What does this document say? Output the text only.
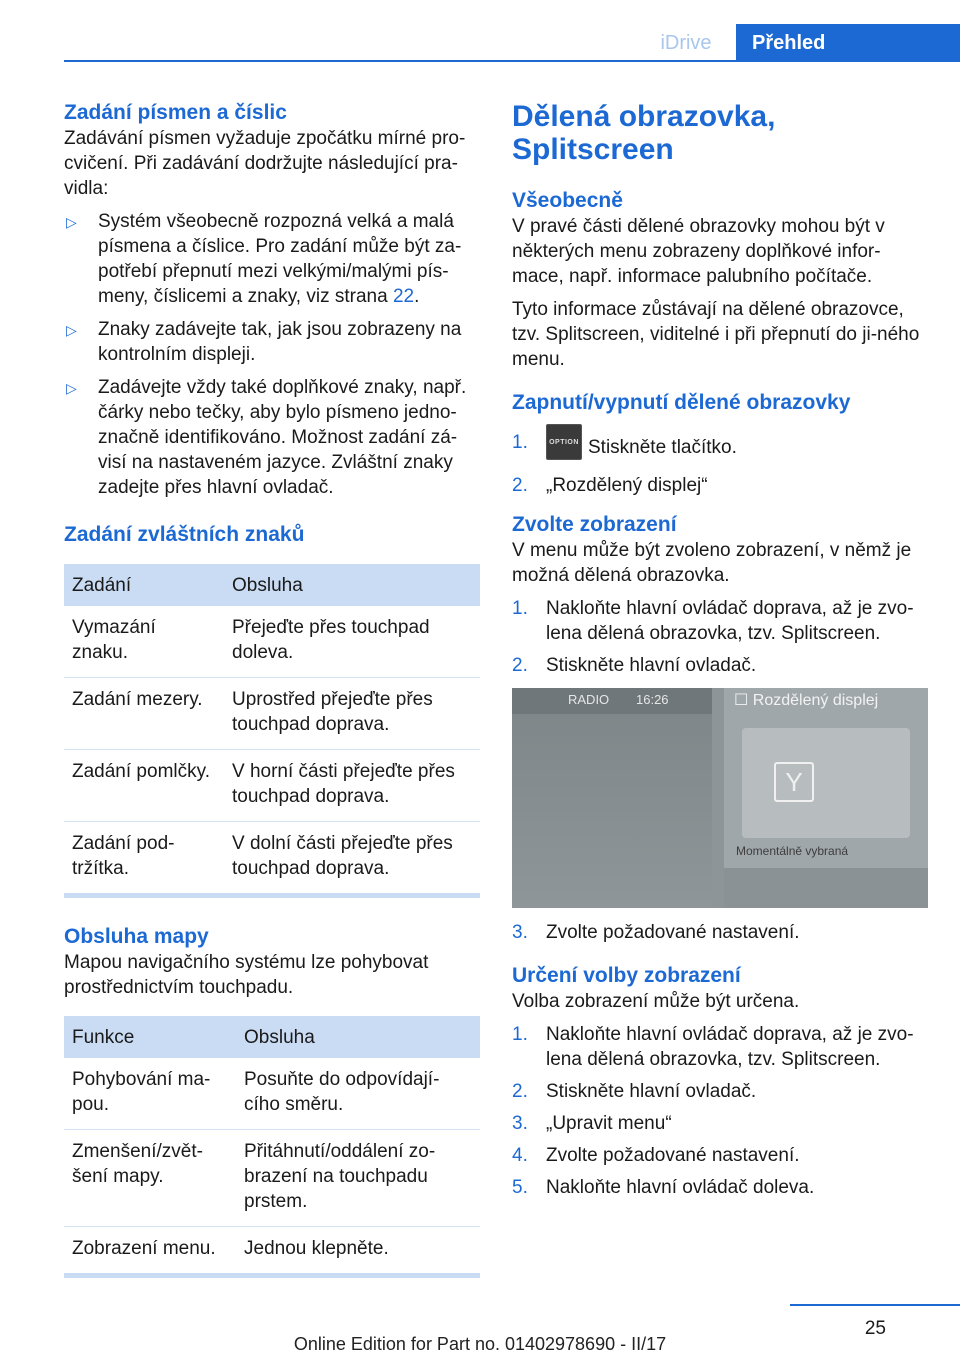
iDrive	Přehled
Zadání písmen a číslic

Zadávání písmen vyžaduje zpočátku mírné pro‐cvičení. Při zadávání dodržujte následující pra‐vidla:

▷ Systém všeobecně rozpozná velká a malá písmena a číslice. Pro zadání může být za‐potřebí přepnutí mezi velkými/malými pís‐meny, číslicemi a znaky, viz strana 22.
▷ Znaky zadávejte tak, jak jsou zobrazeny na kontrolním displeji.
▷ Zadávejte vždy také doplňkové znaky, např. čárky nebo tečky, aby bylo písmeno jedno‐značně identifikováno. Možnost zadání zá‐visí na nastaveném jazyce. Zvláštní znaky zadejte přes hlavní ovladač.
Zadání zvláštních znaků
Zadání	Obsluha
Vymazání znaku.	Přejeďte přes touchpad doleva.
Zadání mezery.	Uprostřed přejeďte přes touchpad doprava.
Zadání pomlčky.	V horní části přejeďte přes touchpad doprava.
Zadání pod‐tržítka.	V dolní části přejeďte přes touchpad doprava.
Obsluha mapy

Mapou navigačního systému lze pohybovat prostřednictvím touchpadu.

Funkce	Obsluha
Pohybování ma‐pou.	Posuňte do odpovídají‐cího směru.
Zmenšení/zvět‐šení mapy.	Přitáhnutí/oddálení zo‐brazení na touchpadu prstem.
Zobrazení menu.	Jednou klepněte.
Dělená obrazovka, Splitscreen
Všeobecně

V pravé části dělené obrazovky mohou být v některých menu zobrazeny doplňkové infor‐mace, např. informace palubního počítače.

Tyto informace zůstávají na dělené obrazovce, tzv. Splitscreen, viditelné i při přepnutí do ji‐ného menu.

Zapnutí/vypnutí dělené obrazovky
1.	OPTION Stiskněte tlačítko.
2. „Rozdělený displej“
Zvolte zobrazení

V menu může být zvoleno zobrazení, v němž je možná dělená obrazovka.

1. Nakloňte hlavní ovládač doprava, až je zvo‐lena dělená obrazovka, tzv. Splitscreen.
2. Stiskněte hlavní ovladač.
RADIO 16:26	☐ Rozdělený displej
Y
Momentálně vybraná
3. Zvolte požadované nastavení.
Určení volby zobrazení

Volba zobrazení může být určena.

1. Nakloňte hlavní ovládač doprava, až je zvo‐lena dělená obrazovka, tzv. Splitscreen.
2. Stiskněte hlavní ovladač.
3. „Upravit menu“
4. Zvolte požadované nastavení.
5. Nakloňte hlavní ovládač doleva.
25
Online Edition for Part no. 01402978690 - II/17
